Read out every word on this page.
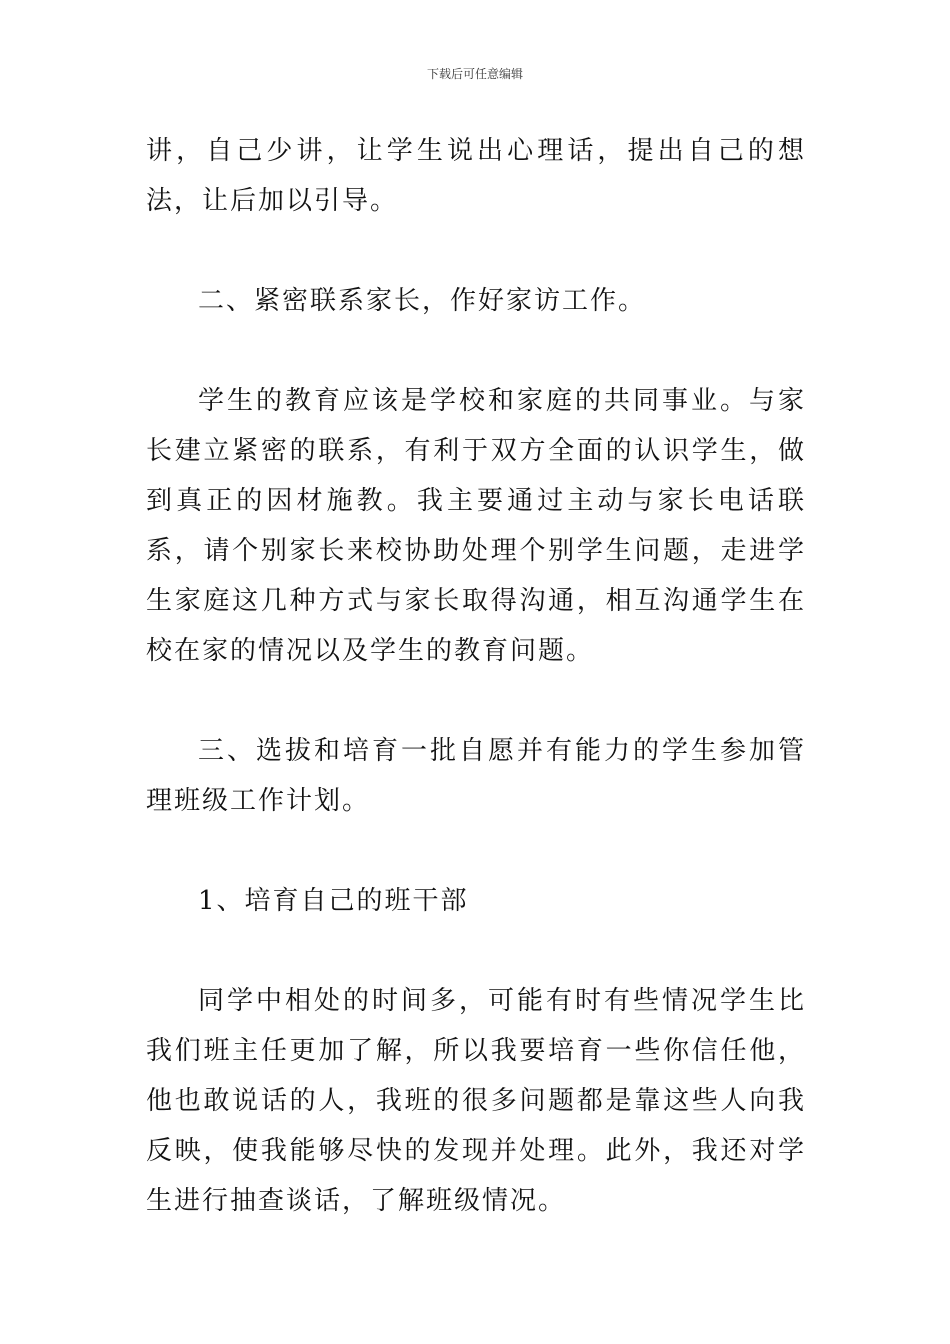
下载后可任意编辑

讲，自己少讲，让学生说出心理话，提出自己的想法，让后加以引导。

二、紧密联系家长，作好家访工作。

学生的教育应该是学校和家庭的共同事业。与家长建立紧密的联系，有利于双方全面的认识学生，做到真正的因材施教。我主要通过主动与家长电话联系，请个别家长来校协助处理个别学生问题，走进学生家庭这几种方式与家长取得沟通，相互沟通学生在校在家的情况以及学生的教育问题。

三、选拔和培育一批自愿并有能力的学生参加管理班级工作计划。

1、培育自己的班干部

同学中相处的时间多，可能有时有些情况学生比我们班主任更加了解，所以我要培育一些你信任他，他也敢说话的人，我班的很多问题都是靠这些人向我反映，使我能够尽快的发现并处理。此外，我还对学生进行抽查谈话，了解班级情况。
